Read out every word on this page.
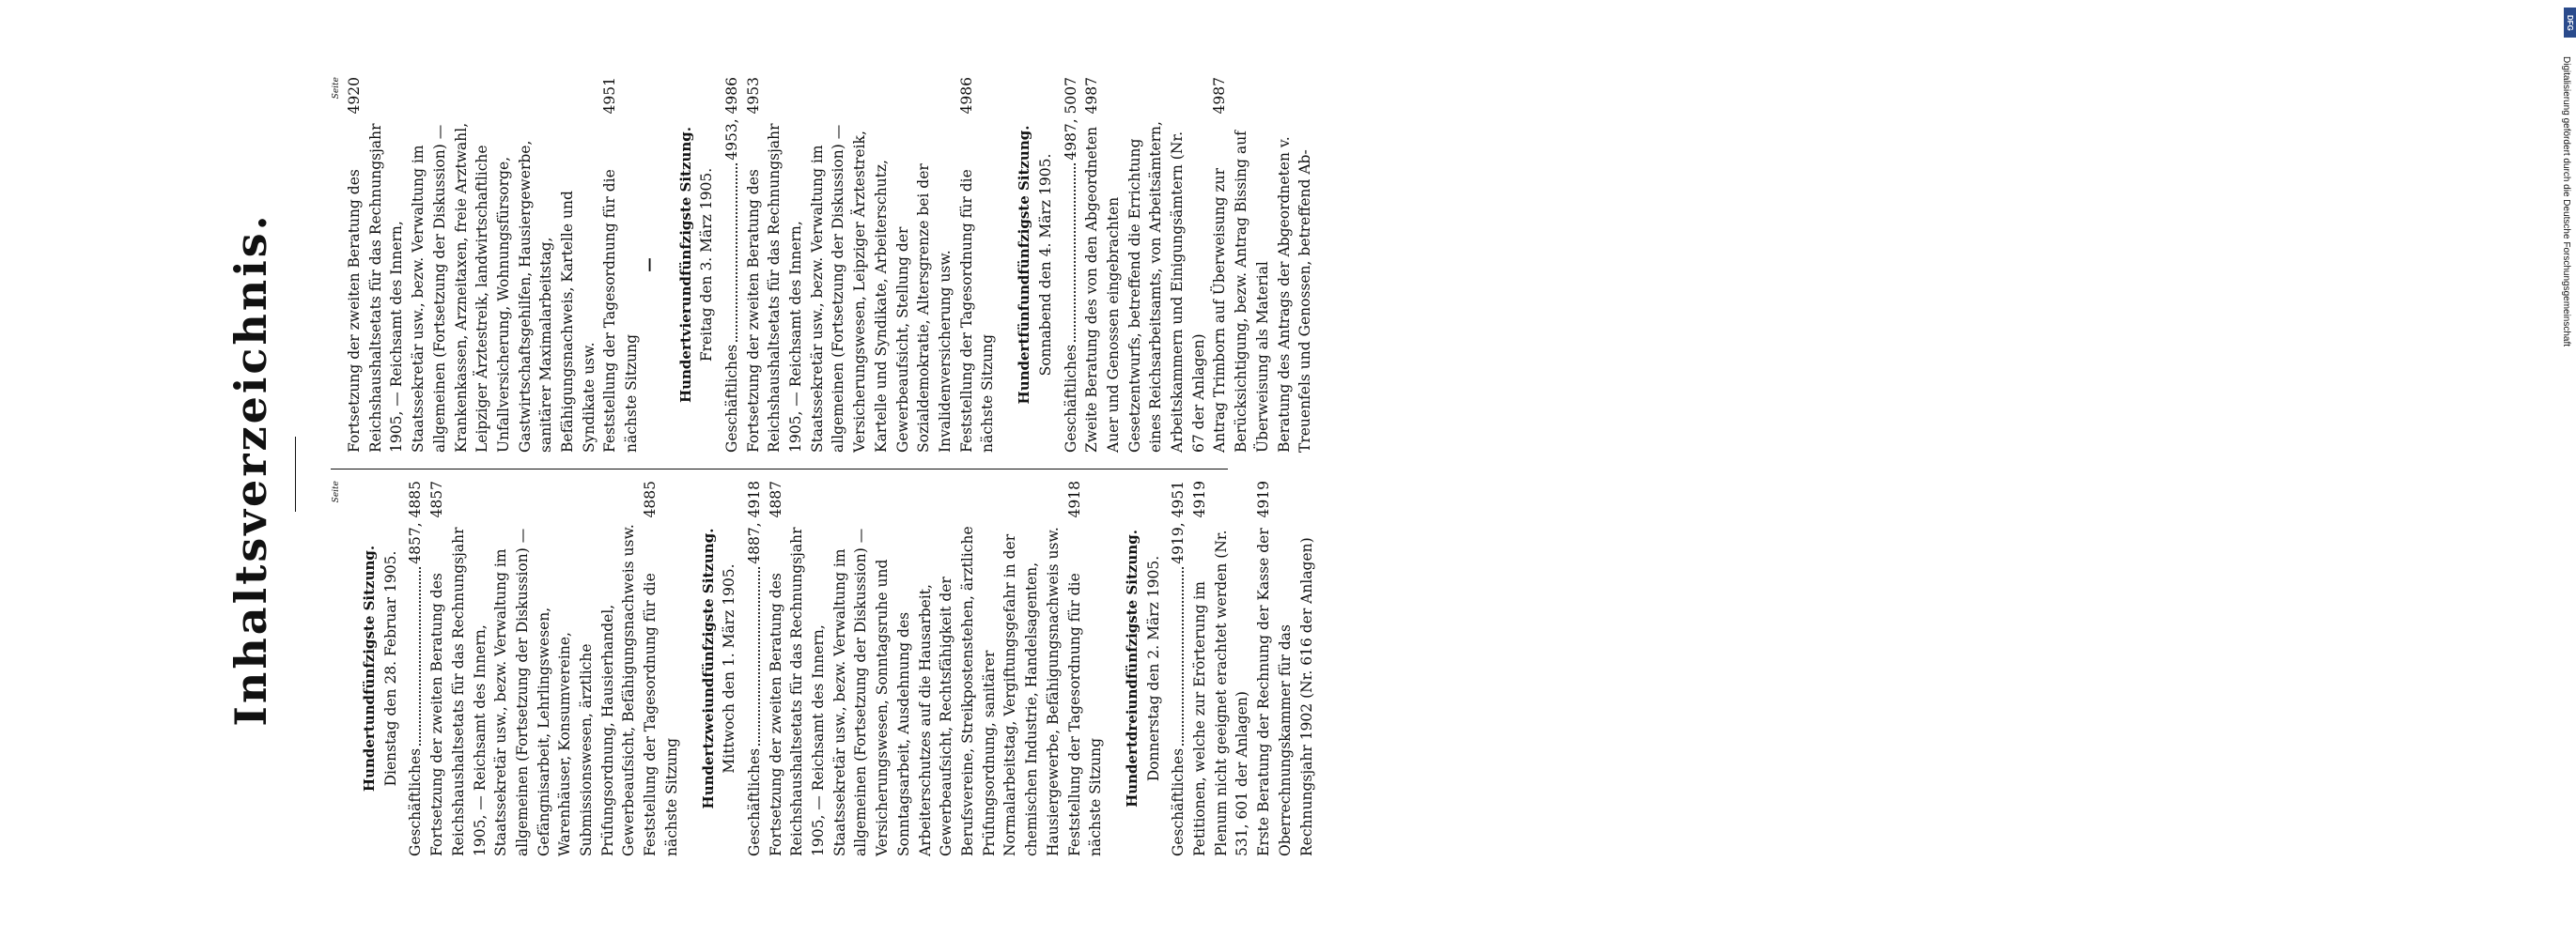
Inhaltsverzeichnis.	Seite
Hundertundfünfzigste Sitzung. Dienstag den 28. Februar 1905.
Geschäftliches
4857, 4885
Fortsetzung der zweiten Beratung des Reichshaushaltsetats für das Rechnungsjahr 1905, — Reichsamt des Innern, Staatssekretär usw., bezw. Verwaltung im allgemeinen (Fortsetzung der Diskussion) — Gefängnisarbeit, Lehrlingswesen, Warenhäuser, Konsumvereine, Submissionswesen, ärztliche Prüfungsordnung, Hausierhandel, Gewerbeaufsicht, Befähigungsnachweis usw.
4857
Feststellung der Tagesordnung für die nächste Sitzung
4885
Hundertzweiundfünfzigste Sitzung. Mittwoch den 1. März 1905.
Geschäftliches
4887, 4918
Fortsetzung der zweiten Beratung des Reichshaushaltsetats für das Rechnungsjahr 1905, — Reichsamt des Innern, Staatssekretär usw., bezw. Verwaltung im allgemeinen (Fortsetzung der Diskussion) — Versicherungswesen, Sonntagsruhe und Sonntagsarbeit, Ausdehnung des Arbeiterschutzes auf die Hausarbeit, Gewerbeaufsicht, Rechtsfähigkeit der Berufsvereine, Streikpostenstehen, ärztliche Prüfungsordnung, sanitärer Normalarbeitstag, Vergiftungsgefahr in der chemischen Industrie, Handelsagenten, Hausiergewerbe, Befähigungsnachweis usw.
4887
Feststellung der Tagesordnung für die nächste Sitzung
4918
Hundertdreiundfünfzigste Sitzung. Donnerstag den 2. März 1905.
Geschäftliches
4919, 4951
Petitionen, welche zur Erörterung im Plenum nicht geeignet erachtet werden (Nr. 531, 601 der Anlagen)
4919
Erste Beratung der Rechnung der Kasse der Oberrechnungskammer für das Rechnungsjahr 1902 (Nr. 616 der Anlagen)
4919
Seite
Fortsetzung der zweiten Beratung des Reichshaushaltsetats für das Rechnungsjahr 1905, — Reichsamt des Innern, Staatssekretär usw., bezw. Verwaltung im allgemeinen (Fortsetzung der Diskussion) — Krankenkassen, Arzneitaxen, freie Arztwahl, Leipziger Ärztestreik, landwirtschaftliche Unfallversicherung, Wohnungsfürsorge, Gastwirtschaftsgehilfen, Hausiergewerbe, sanitärer Maximalarbeitstag, Befähigungsnachweis, Kartelle und Syndikate usw.
4920
Feststellung der Tagesordnung für die nächste Sitzung
4951
— Hundertvierundfünfzigste Sitzung. Freitag den 3. März 1905.
Geschäftliches
4953, 4986
Fortsetzung der zweiten Beratung des Reichshaushaltsetats für das Rechnungsjahr 1905, — Reichsamt des Innern, Staatssekretär usw., bezw. Verwaltung im allgemeinen (Fortsetzung der Diskussion) — Versicherungswesen, Leipziger Ärztestreik, Kartelle und Syndikate, Arbeiterschutz, Gewerbeaufsicht, Stellung der Sozialdemokratie, Altersgrenze bei der Invalidenversicherung usw.
4953
Feststellung der Tagesordnung für die nächste Sitzung
4986
Hundertfünfundfünfzigste Sitzung. Sonnabend den 4. März 1905.
Geschäftliches
4987, 5007
Zweite Beratung des von den Abgeordneten Auer und Genossen eingebrachten Gesetzentwurfs, betreffend die Errichtung eines Reichsarbeitsamts, von Arbeitsämtern, Arbeitskammern und Einigungsämtern (Nr. 67 der Anlagen)
4987
Antrag Trimborn auf Überweisung zur Berücksichtigung, bezw. Antrag Bissing auf Überweisung als Material
4987
Beratung des Antrags der Abgeordneten v. Treuenfels und Genossen, betreffend Ab-
DFG
Digitalisierung gefördert durch die Deutsche Forschungsgemeinschaft
